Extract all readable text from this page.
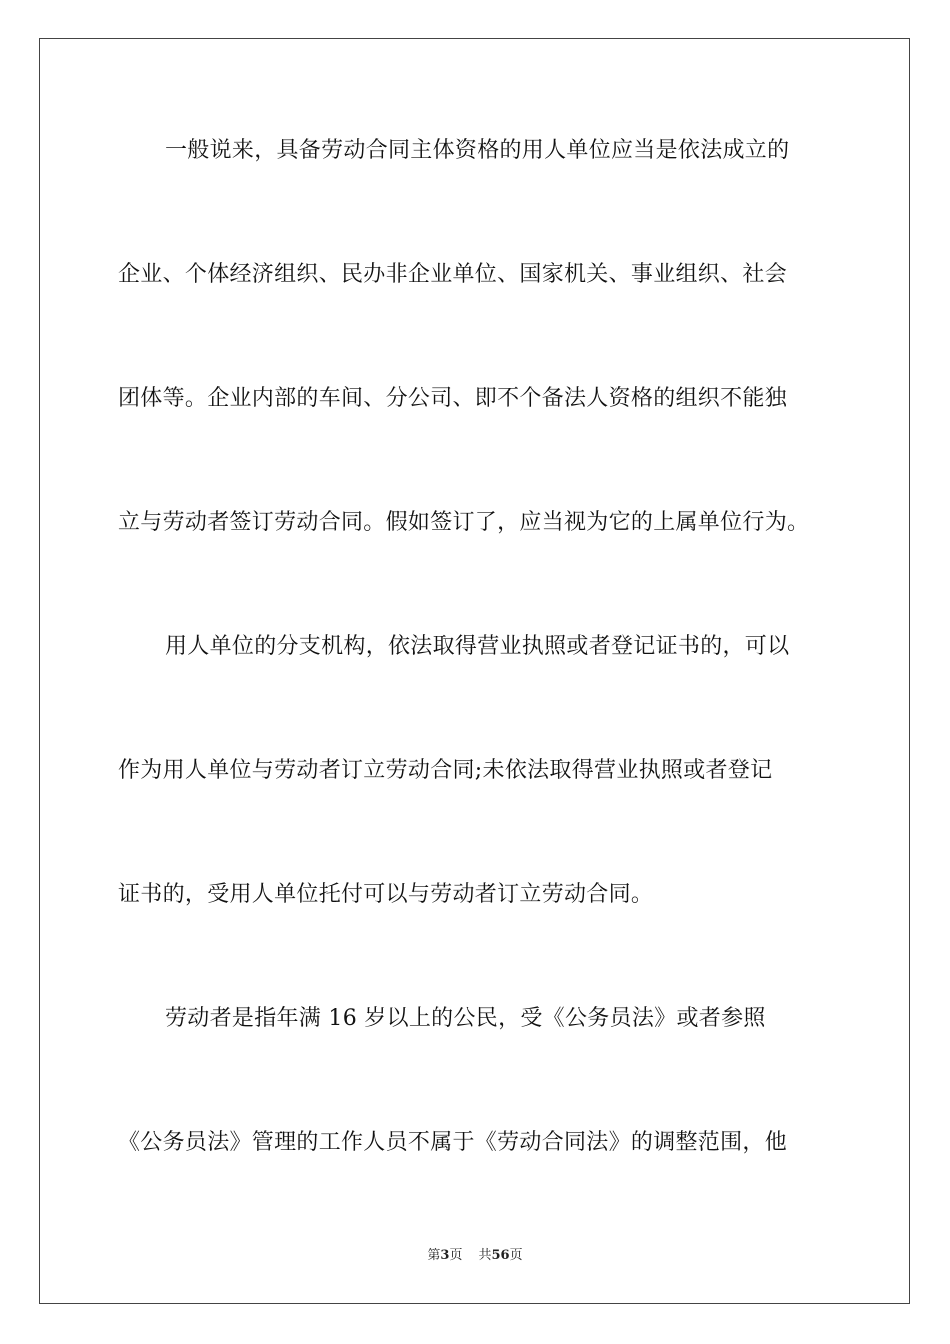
一般说来，具备劳动合同主体资格的用人单位应当是依法成立的
企业、个体经济组织、民办非企业单位、国家机关、事业组织、社会
团体等。企业内部的车间、分公司、即不个备法人资格的组织不能独
立与劳动者签订劳动合同。假如签订了，应当视为它的上属单位行为。
用人单位的分支机构，依法取得营业执照或者登记证书的，可以
作为用人单位与劳动者订立劳动合同;未依法取得营业执照或者登记
证书的，受用人单位托付可以与劳动者订立劳动合同。
劳动者是指年满 16 岁以上的公民，受《公务员法》或者参照
《公务员法》管理的工作人员不属于《劳动合同法》的调整范围，他
第3页 共56页
